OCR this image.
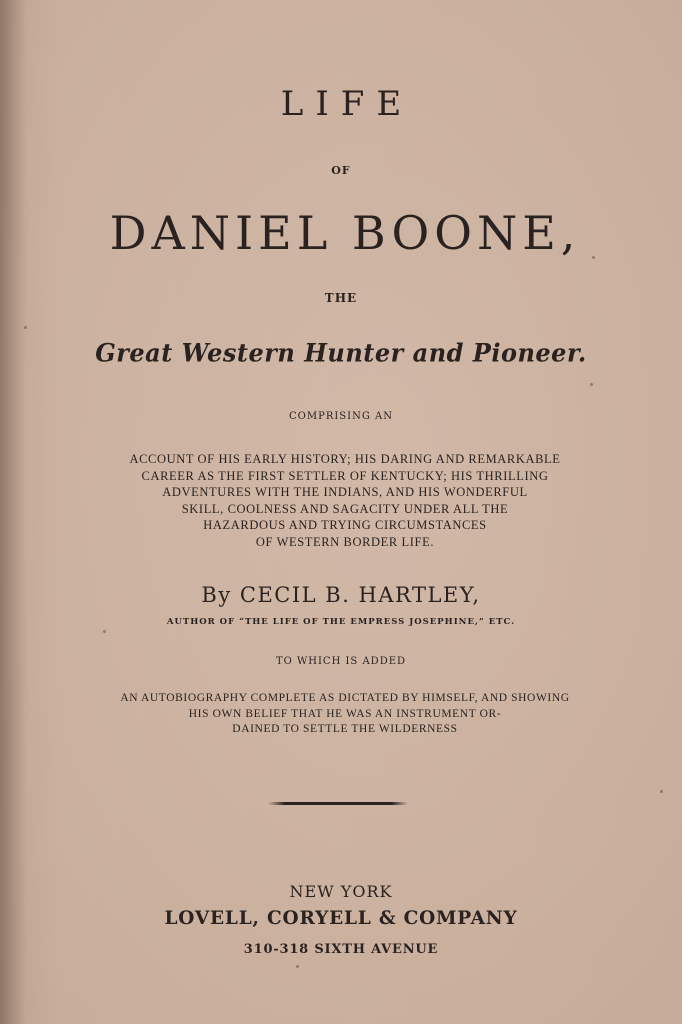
LIFE
OF
DANIEL BOONE,
THE
Great Western Hunter and Pioneer.
COMPRISING AN
ACCOUNT OF HIS EARLY HISTORY; HIS DARING AND REMARKABLE
CAREER AS THE FIRST SETTLER OF KENTUCKY; HIS THRILLING
ADVENTURES WITH THE INDIANS, AND HIS WONDERFUL
SKILL, COOLNESS AND SAGACITY UNDER ALL THE
HAZARDOUS AND TRYING CIRCUMSTANCES
OF WESTERN BORDER LIFE.
By CECIL B. HARTLEY,
AUTHOR OF “THE LIFE OF THE EMPRESS JOSEPHINE,” ETC.
TO WHICH IS ADDED
AN AUTOBIOGRAPHY COMPLETE AS DICTATED BY HIMSELF, AND SHOWING
HIS OWN BELIEF THAT HE WAS AN INSTRUMENT OR-
DAINED TO SETTLE THE WILDERNESS
NEW YORK
LOVELL, CORYELL & COMPANY
310-318 SIXTH AVENUE
